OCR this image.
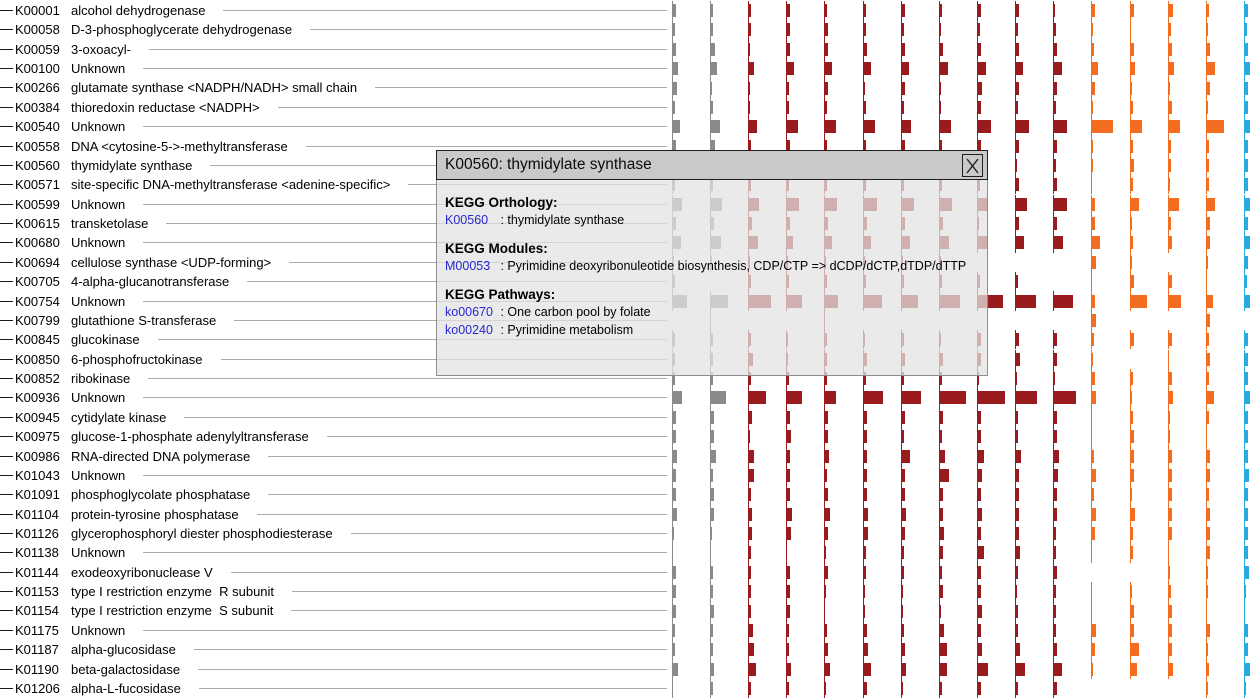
K00001 alcohol dehydrogenase
K00058 D-3-phosphoglycerate dehydrogenase
K00059 3-oxoacyl-
K00100 Unknown
K00266 glutamate synthase <NADPH/NADH> small chain
K00384 thioredoxin reductase <NADPH>
K00540 Unknown
K00558 DNA <cytosine-5->-methyltransferase
K00560 thymidylate synthase
K00571 site-specific DNA-methyltransferase <adenine-specific>
K00599 Unknown
K00615 transketolase
K00680 Unknown
K00694 cellulose synthase <UDP-forming>
K00705 4-alpha-glucanotransferase
K00754 Unknown
K00799 glutathione S-transferase
K00845 glucokinase
K00850 6-phosphofructokinase
K00852 ribokinase
K00936 Unknown
K00945 cytidylate kinase
K00975 glucose-1-phosphate adenylyltransferase
K00986 RNA-directed DNA polymerase
K01043 Unknown
K01091 phosphoglycolate phosphatase
K01104 protein-tyrosine phosphatase
K01126 glycerophosphoryl diester phosphodiesterase
K01138 Unknown
K01144 exodeoxyribonuclease V
K01153 type I restriction enzyme  R subunit
K01154 type I restriction enzyme  S subunit
K01175 Unknown
K01187 alpha-glucosidase
K01190 beta-galactosidase
K01206 alpha-L-fucosidase
K00560: thymidylate synthase
KEGG Orthology:
K00560 : thymidylate synthase
KEGG Modules:
M00053 : Pyrimidine deoxyribonuleotide biosynthesis, CDP/CTP => dCDP/dCTP,dTDP/dTTP
KEGG Pathways:
ko00670 : One carbon pool by folate
ko00240 : Pyrimidine metabolism
